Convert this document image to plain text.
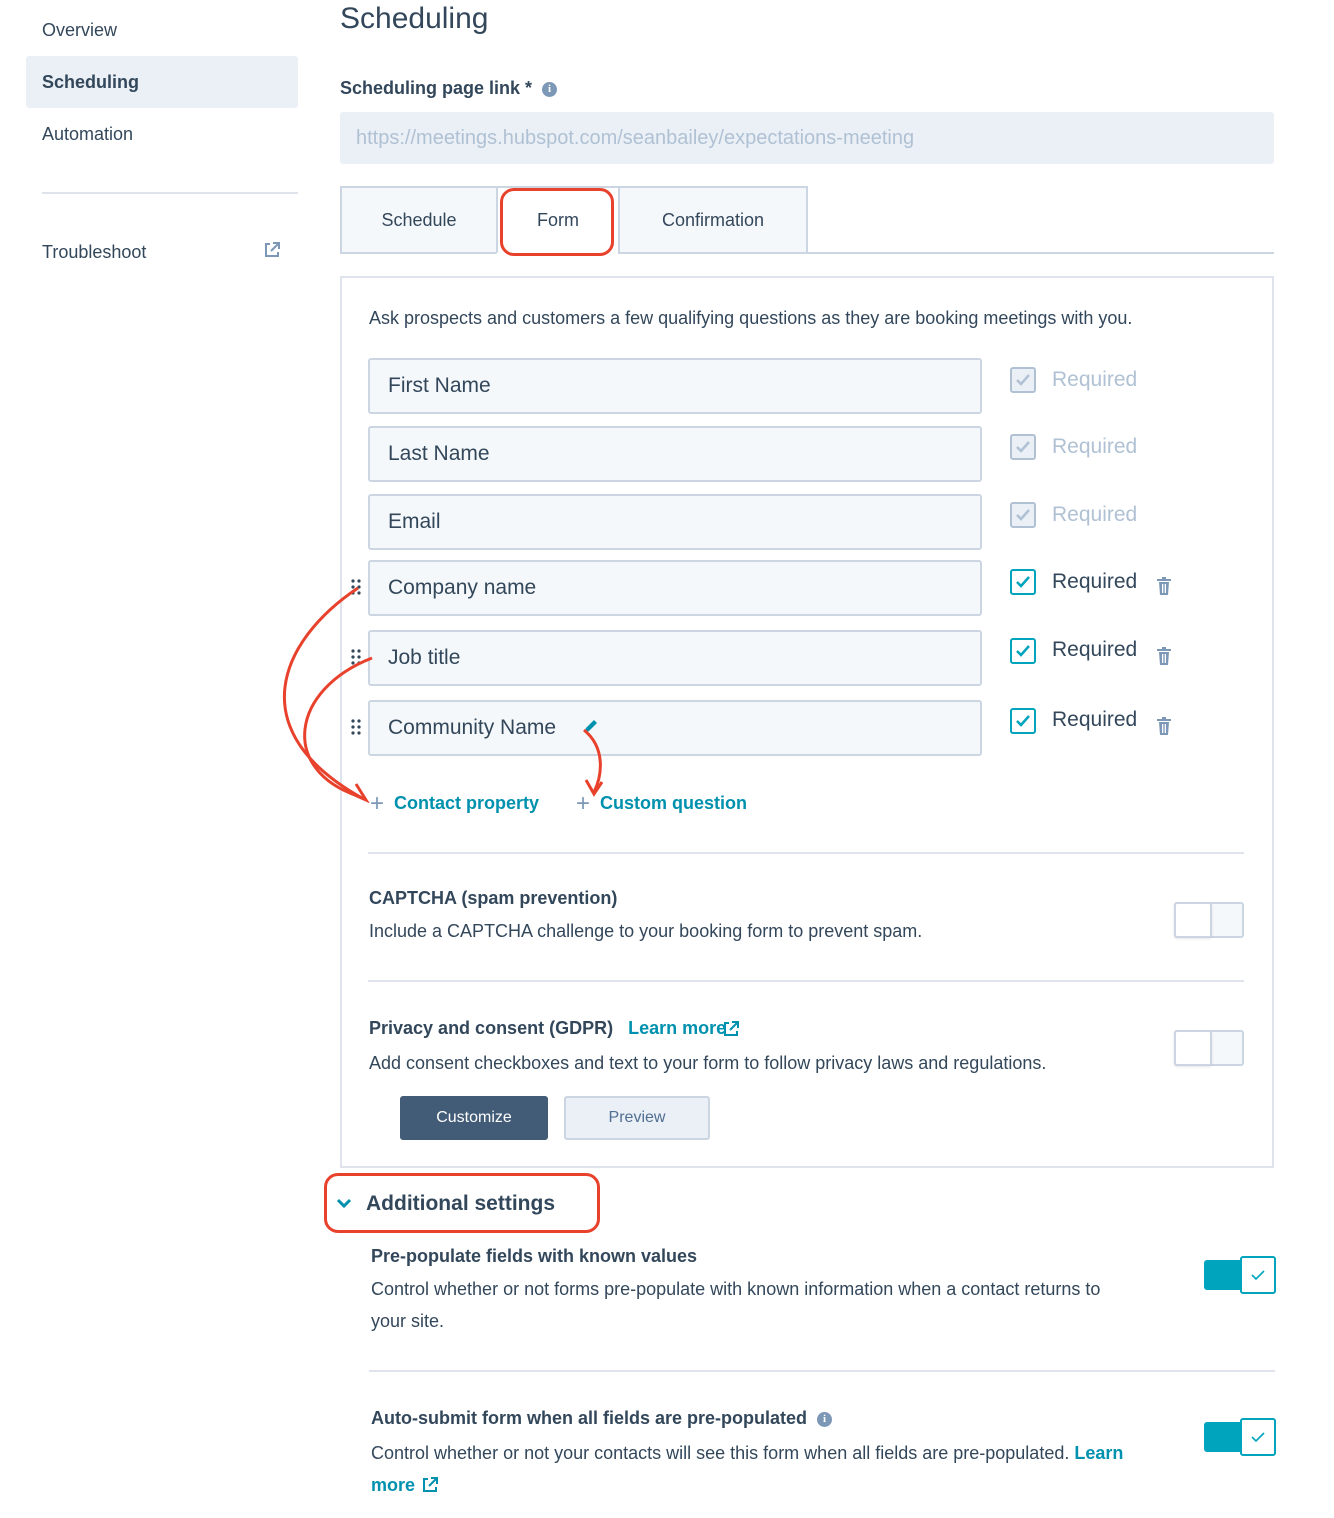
Overview
Scheduling
Automation
Troubleshoot
Scheduling
Scheduling page link * i
https://meetings.hubspot.com/seanbailey/expectations-meeting
Schedule	Form	Confirmation
Ask prospects and customers a few qualifying questions as they are booking meetings with you.
First Name	Required
Last Name	Required
Email	Required
Company name	Required
Job title	Required
Community Name	Required
+ Contact property + Custom question
CAPTCHA (spam prevention)
Include a CAPTCHA challenge to your booking form to prevent spam.
Privacy and consent (GDPR) Learn more
Add consent checkboxes and text to your form to follow privacy laws and regulations.
Customize	Preview
Additional settings
Pre-populate fields with known values
Control whether or not forms pre-populate with known information when a contact returns to
your site.
Auto-submit form when all fields are pre-populated i
Control whether or not your contacts will see this form when all fields are pre-populated. Learn
more
